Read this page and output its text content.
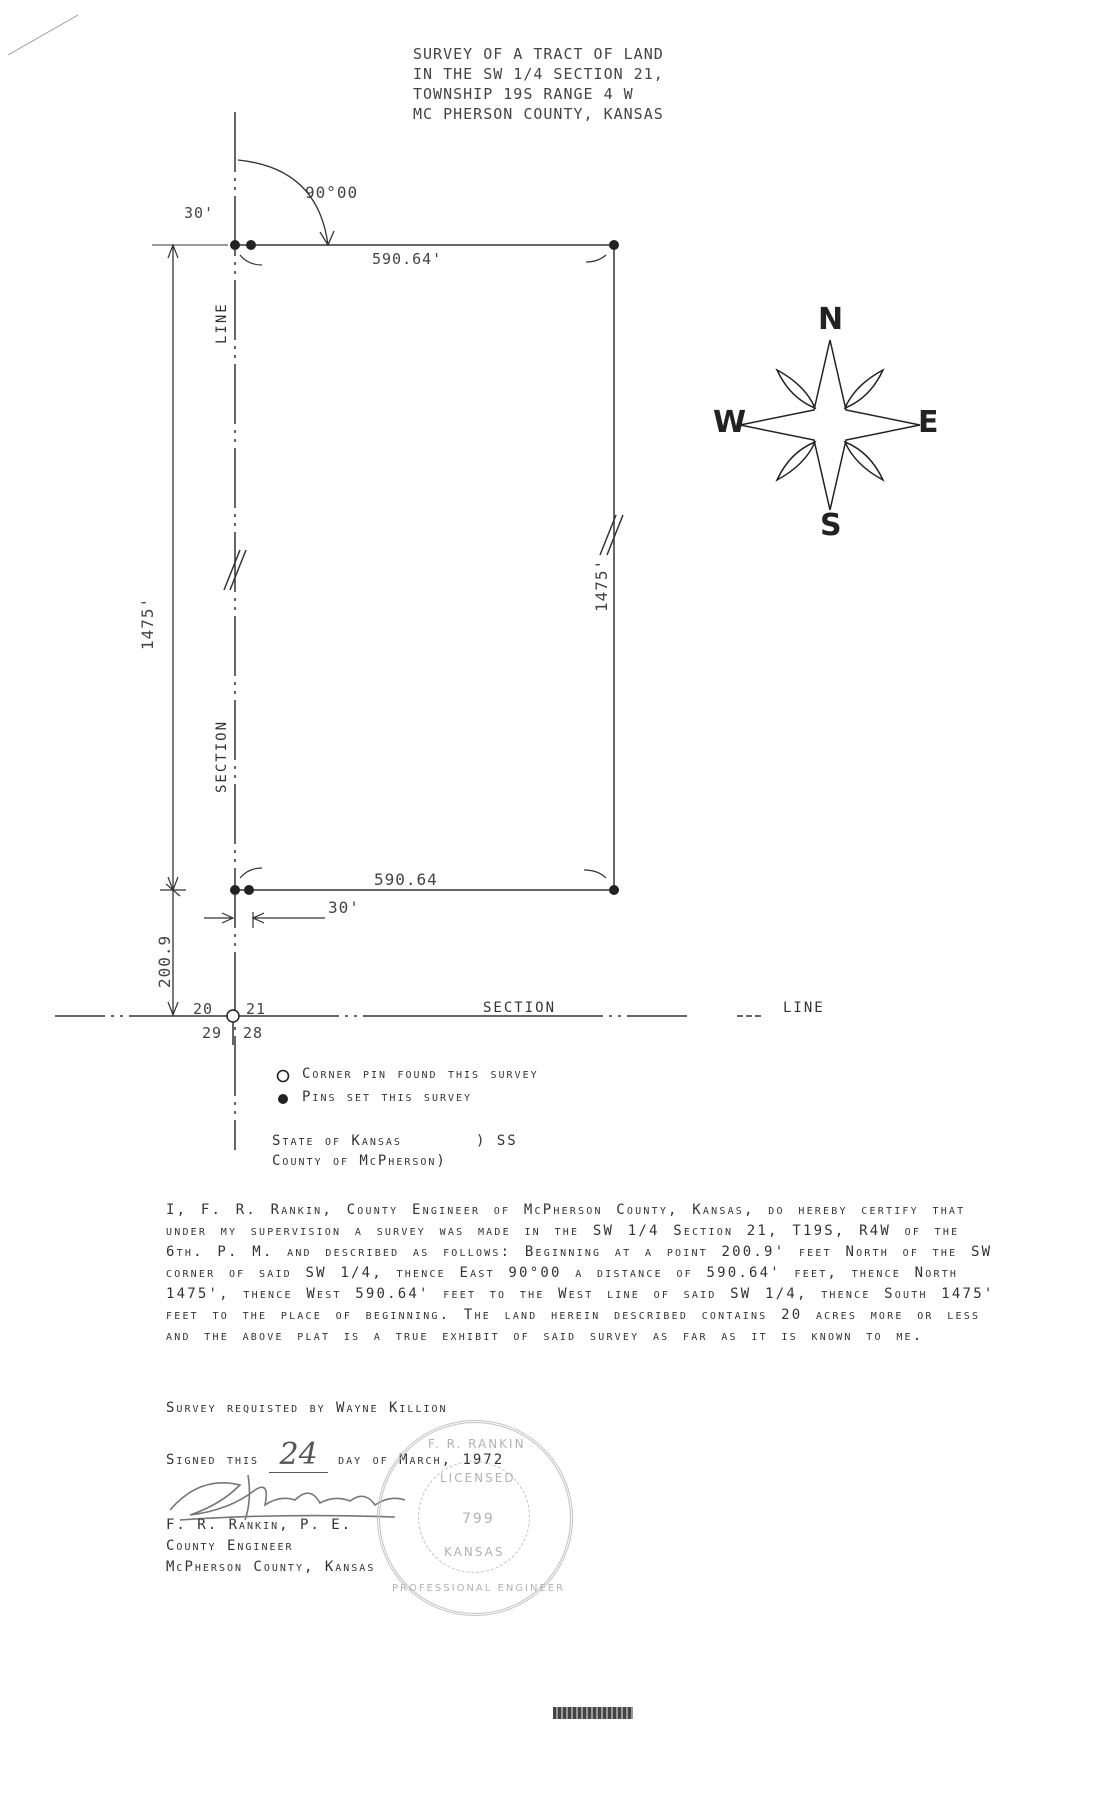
SURVEY OF A TRACT OF LAND
IN THE SW 1/4 SECTION 21,
TOWNSHIP 19S RANGE 4 W
MC PHERSON COUNTY, KANSAS
90°00
30'
590.64'
590.64
30'
1475'
200.9
1475'
LINE
SECTION
SECTION	LINE
20 21
29 28
N
S
E
W
Corner pin found this survey
Pins set this survey
State of Kansas	) SS
County of McPherson)
I, F. R. Rankin, County Engineer of McPherson County, Kansas, do hereby certify that under my supervision a survey was made in the SW 1/4 Section 21, T19S, R4W of the 6th. P. M. and described as follows: Beginning at a point 200.9' feet North of the SW corner of said SW 1/4, thence East 90°00 a distance of 590.64' feet, thence North 1475', thence West 590.64' feet to the West line of said SW 1/4, thence South 1475' feet to the place of beginning. The land herein described contains 20 acres more or less and the above plat is a true exhibit of said survey as far as it is known to me.
Survey requisted by Wayne Killion
Signed this 24 day of March, 1972
F. R. Rankin, P. E.
County Engineer
McPherson County, Kansas
F. R. RANKIN
LICENSED
799
KANSAS
PROFESSIONAL ENGINEER
